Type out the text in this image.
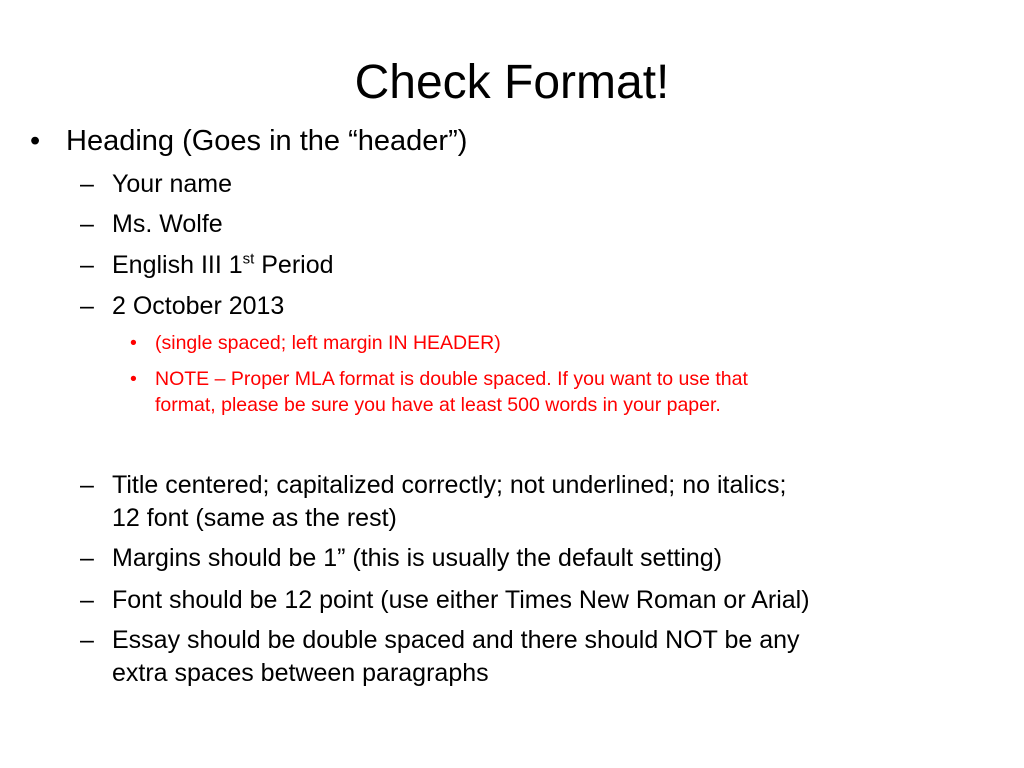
Check Format!
• Heading (Goes in the “header”)
– Your name
– Ms. Wolfe
– English III 1st Period
– 2 October 2013
• (single spaced; left margin IN HEADER)
• NOTE – Proper MLA format is double spaced. If you want to use that
format, please be sure you have at least 500 words in your paper.
– Title centered; capitalized correctly; not underlined; no italics;
12 font (same as the rest)
– Margins should be 1” (this is usually the default setting)
– Font should be 12 point (use either Times New Roman or Arial)
– Essay should be double spaced and there should NOT be any
extra spaces between paragraphs
